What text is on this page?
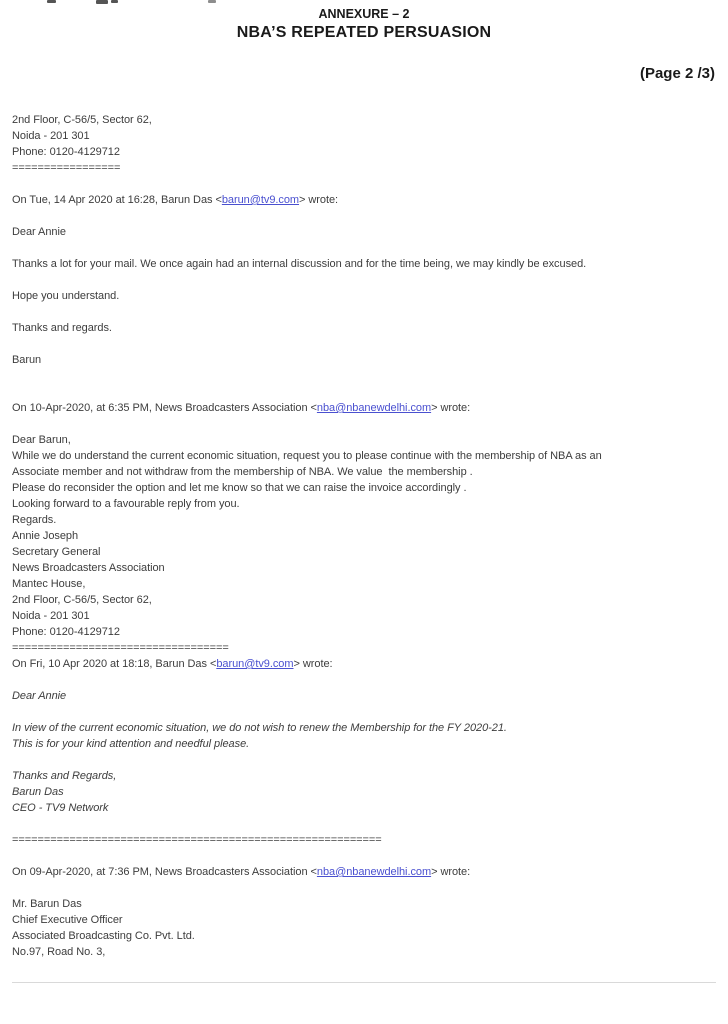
ANNEXURE – 2
NBA’S REPEATED PERSUASION
(Page 2 /3)
2nd Floor, C-56/5, Sector 62,
Noida - 201 301
Phone: 0120-4129712
=================
On Tue, 14 Apr 2020 at 16:28, Barun Das <barun@tv9.com> wrote:
Dear Annie
Thanks a lot for your mail. We once again had an internal discussion and for the time being, we may kindly be excused.
Hope you understand.
Thanks and regards.
Barun
On 10-Apr-2020, at 6:35 PM, News Broadcasters Association <nba@nbanewdelhi.com> wrote:
Dear Barun,
While we do understand the current economic situation, request you to please continue with the membership of NBA as an
Associate member and not withdraw from the membership of NBA. We value  the membership .
Please do reconsider the option and let me know so that we can raise the invoice accordingly .
Looking forward to a favourable reply from you.
Regards.
Annie Joseph
Secretary General
News Broadcasters Association
Mantec House,
2nd Floor, C-56/5, Sector 62,
Noida - 201 301
Phone: 0120-4129712
==================================
On Fri, 10 Apr 2020 at 18:18, Barun Das <barun@tv9.com> wrote:
Dear Annie
In view of the current economic situation, we do not wish to renew the Membership for the FY 2020-21.
This is for your kind attention and needful please.
Thanks and Regards,
Barun Das
CEO - TV9 Network
==========================================================
On 09-Apr-2020, at 7:36 PM, News Broadcasters Association <nba@nbanewdelhi.com> wrote:
Mr. Barun Das
Chief Executive Officer
Associated Broadcasting Co. Pvt. Ltd.
No.97, Road No. 3,
